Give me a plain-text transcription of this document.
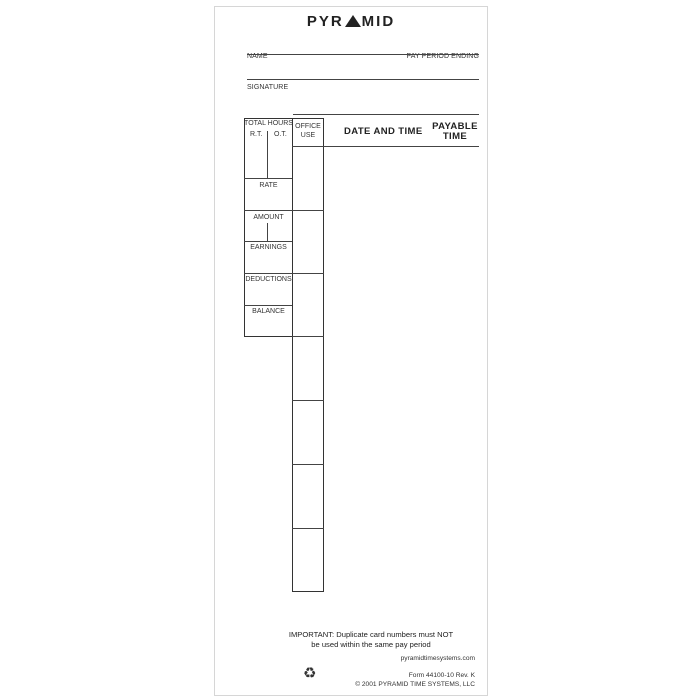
PYR MID
NAME	PAY PERIOD ENDING
SIGNATURE
TOTAL HOURS
R.T. O.T.
RATE
AMOUNT
EARNINGS
DEDUCTIONS
BALANCE
OFFICE
USE	DATE AND TIME	PAYABLE
TIME
IMPORTANT: Duplicate card numbers must NOT
be used within the same pay period
pyramidtimesystems.com
Form 44100-10 Rev. K
© 2001 PYRAMID TIME SYSTEMS, LLC
♻
